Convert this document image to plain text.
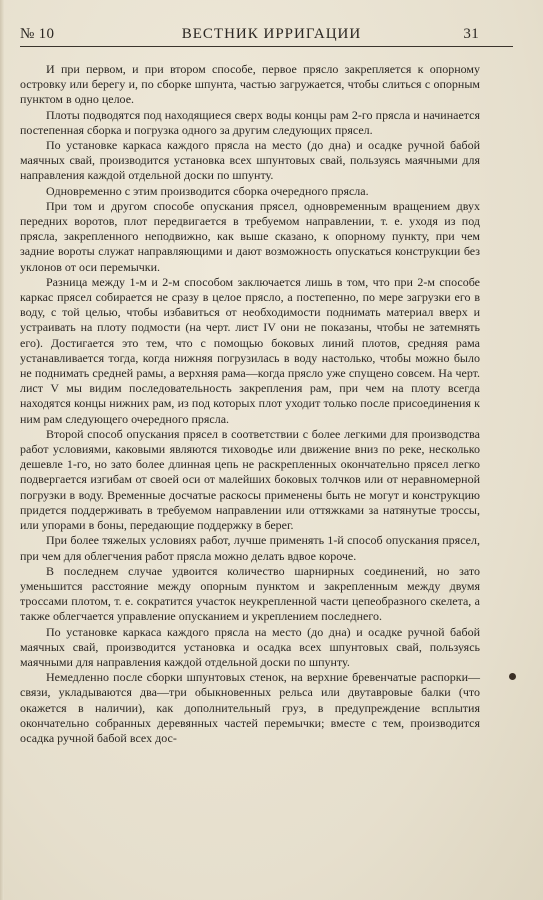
№ 10	ВЕСТНИК ИРРИГАЦИИ	31

И при первом, и при втором способе, первое прясло закрепляется к опорному островку или берегу и, по сборке шпунта, частью загружается, чтобы слиться с опорным пунктом в одно целое.

Плоты подводятся под находящиеся сверх воды концы рам 2-го прясла и начинается постепенная сборка и погрузка одного за другим следующих прясел.

По установке каркаса каждого прясла на место (до дна) и осадке ручной бабой маячных свай, производится установка всех шпунтовых свай, пользуясь маячными для направления каждой отдельной доски по шпунту.

Одновременно с этим производится сборка очередного прясла.

При том и другом способе опускания прясел, одновременным вращением двух передних воротов, плот передвигается в требуемом направлении, т. е. уходя из под прясла, закрепленного неподвижно, как выше сказано, к опорному пункту, при чем задние вороты служат направляющими и дают возможность опускаться конструкции без уклонов от оси перемычки.

Разница между 1-м и 2-м способом заключается лишь в том, что при 2-м способе каркас прясел собирается не сразу в целое прясло, а постепенно, по мере загрузки его в воду, с той целью, чтобы избавиться от необходимости поднимать материал вверх и устраивать на плоту подмости (на черт. лист IV они не показаны, чтобы не затемнять его). Достигается это тем, что с помощью боковых линий плотов, средняя рама устанавливается тогда, когда нижняя погрузилась в воду настолько, чтобы можно было не поднимать средней рамы, а верхняя рама—когда прясло уже спущено совсем. На черт. лист V мы видим последовательность закрепления рам, при чем на плоту всегда находятся концы нижних рам, из под которых плот уходит только после присоединения к ним рам следующего очередного прясла.

Второй способ опускания прясел в соответствии с более легкими для производства работ условиями, каковыми являются тиховодье или движение вниз по реке, несколько дешевле 1-го, но зато более длинная цепь не раскрепленных окончательно прясел легко подвергается изгибам от своей оси от малейших боковых толчков или от неравномерной погрузки в воду. Временные досчатые раскосы применены быть не могут и конструкцию придется поддерживать в требуемом направлении или оттяжками за натянутые троссы, или упорами в боны, передающие поддержку в берег.

При более тяжелых условиях работ, лучше применять 1-й способ опускания прясел, при чем для облегчения работ прясла можно делать вдвое короче.

В последнем случае удвоится количество шарнирных соединений, но зато уменьшится расстояние между опорным пунктом и закрепленным между двумя троссами плотом, т. е. сократится участок неукрепленной части цепеобразного скелета, а также облегчается управление опусканием и укреплением последнего.

По установке каркаса каждого прясла на место (до дна) и осадке ручной бабой маячных свай, производится установка и осадка всех шпунтовых свай, пользуясь маячными для направления каждой отдельной доски по шпунту.

Немедленно после сборки шпунтовых стенок, на верхние бревенчатые распорки—связи, укладываются два—три обыкновенных рельса или двутавровые балки (что окажется в наличии), как дополнительный груз, в предупреждение всплытия окончательно собранных деревянных частей перемычки; вместе с тем, производится осадка ручной бабой всех дос-
